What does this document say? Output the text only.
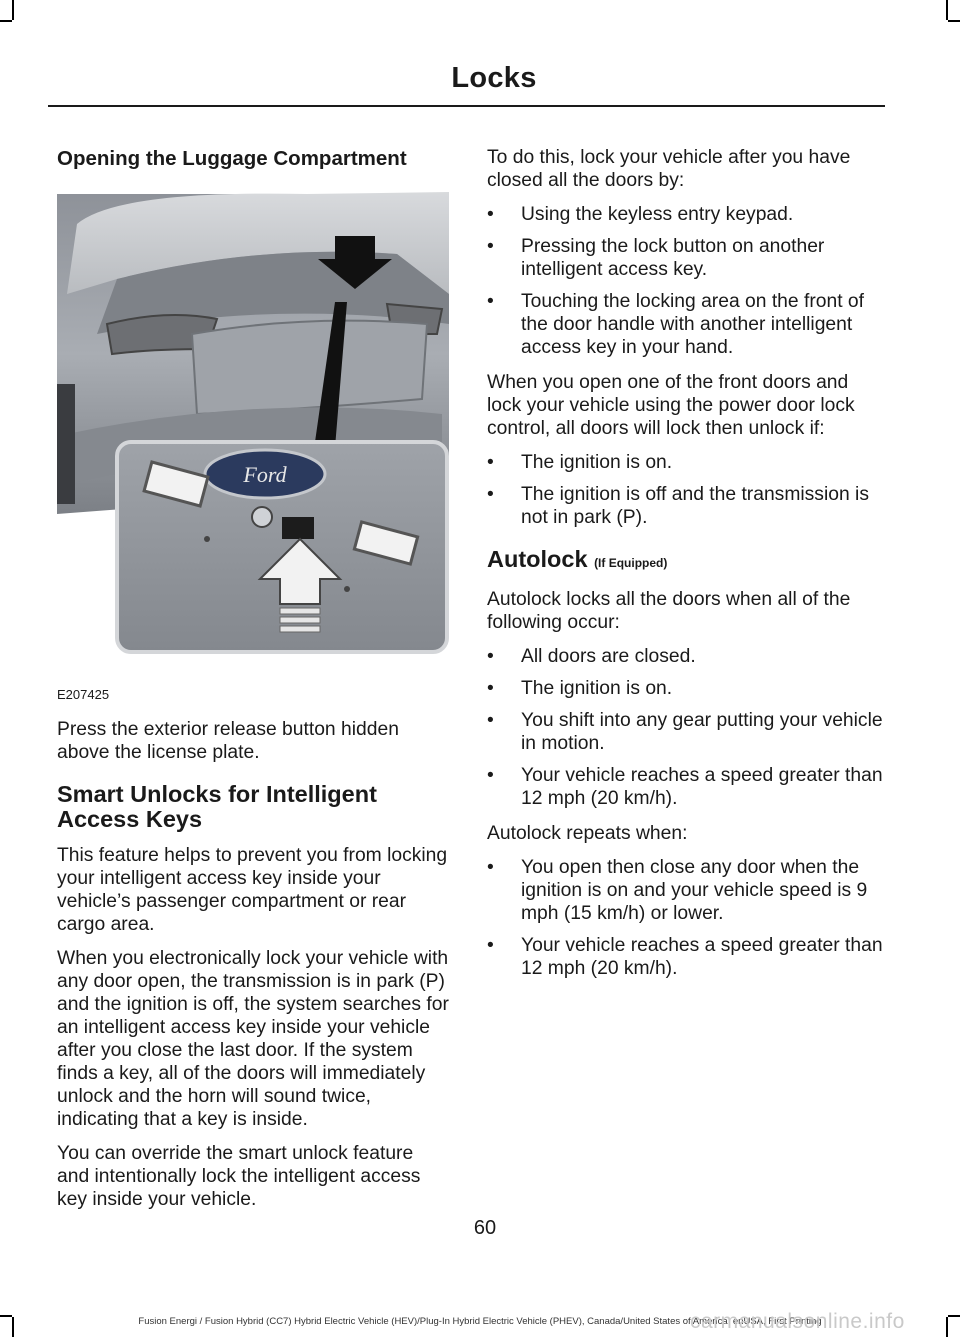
Locks
Opening the Luggage Compartment
Ford
E207425

Press the exterior release button hidden above the license plate.

Smart Unlocks for Intelligent Access Keys

This feature helps to prevent you from locking your intelligent access key inside your vehicle’s passenger compartment or rear cargo area.

When you electronically lock your vehicle with any door open, the transmission is in park (P) and the ignition is off, the system searches for an intelligent access key inside your vehicle after you close the last door. If the system finds a key, all of the doors will immediately unlock and the horn will sound twice, indicating that a key is inside.

You can override the smart unlock feature and intentionally lock the intelligent access key inside your vehicle.

To do this, lock your vehicle after you have closed all the doors by:

• Using the keyless entry keypad.
• Pressing the lock button on another intelligent access key.
• Touching the locking area on the front of the door handle with another intelligent access key in your hand.

When you open one of the front doors and lock your vehicle using the power door lock control, all doors will lock then unlock if:

• The ignition is on.
• The ignition is off and the transmission is not in park (P).
Autolock (If Equipped)

Autolock locks all the doors when all of the following occur:

• All doors are closed.
• The ignition is on.
• You shift into any gear putting your vehicle in motion.
• Your vehicle reaches a speed greater than 12 mph (20 km/h).

Autolock repeats when:

• You open then close any door when the ignition is on and your vehicle speed is 9 mph (15 km/h) or lower.
• Your vehicle reaches a speed greater than 12 mph (20 km/h).
60
Fusion Energi / Fusion Hybrid (CC7) Hybrid Electric Vehicle (HEV)/Plug-In Hybrid Electric Vehicle (PHEV), Canada/United States of America, enUSA, First Printing
carmanualsonline.info
